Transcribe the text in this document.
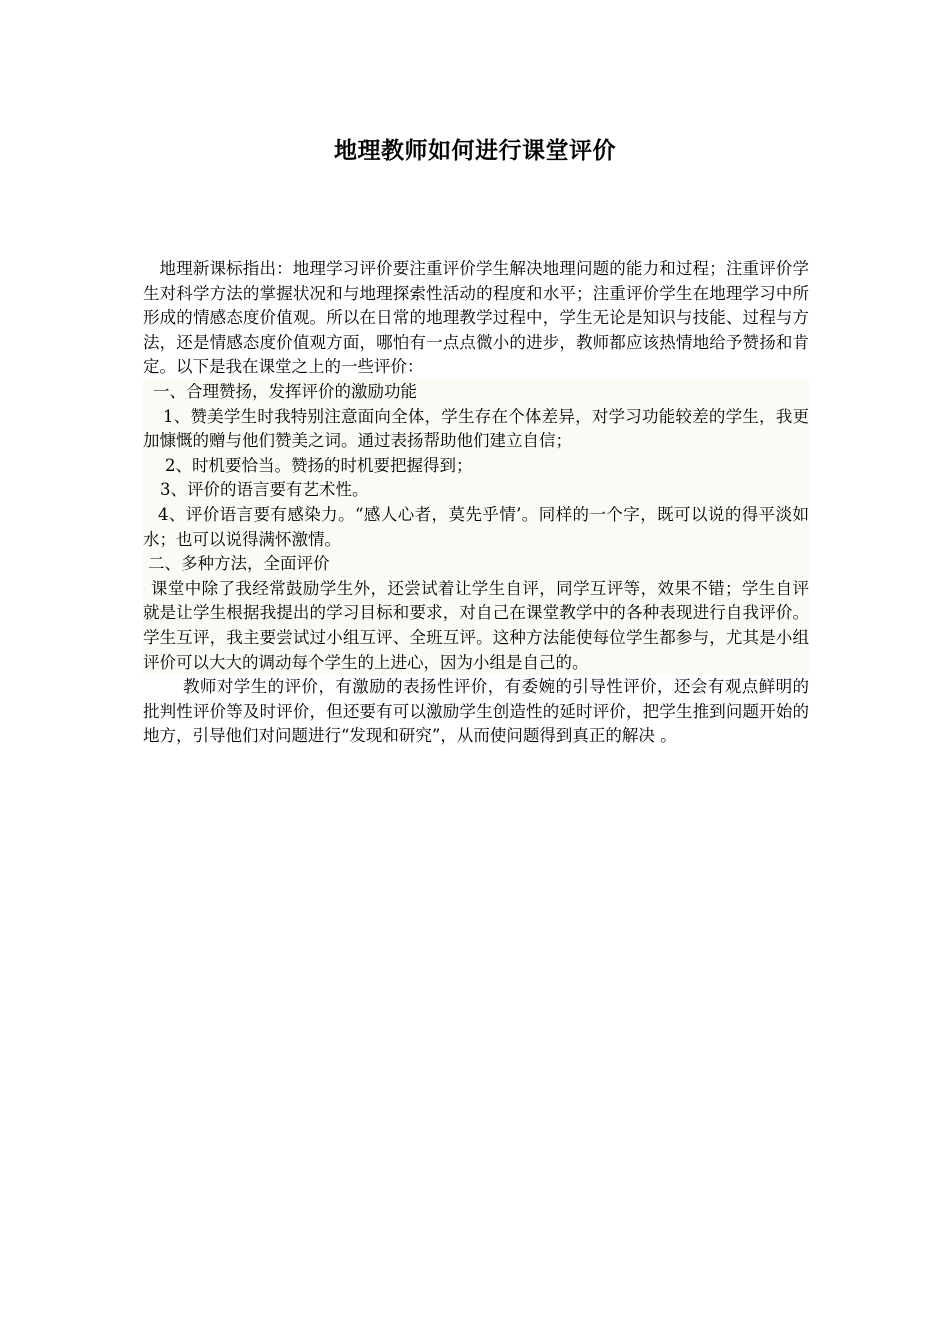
地理教师如何进行课堂评价

地理新课标指出：地理学习评价要注重评价学生解决地理问题的能力和过程；注重评价学生对科学方法的掌握状况和与地理探索性活动的程度和水平；注重评价学生在地理学习中所形成的情感态度价值观。所以在日常的地理教学过程中，学生无论是知识与技能、过程与方法，还是情感态度价值观方面，哪怕有一点点微小的进步，教师都应该热情地给予赞扬和肯定。以下是我在课堂之上的一些评价：

一、合理赞扬，发挥评价的激励功能

1、赞美学生时我特别注意面向全体，学生存在个体差异，对学习功能较差的学生，我更加慷慨的赠与他们赞美之词。通过表扬帮助他们建立自信；

2、时机要恰当。赞扬的时机要把握得到；

3、评价的语言要有艺术性。

4、评价语言要有感染力。“感人心者，莫先乎情’。同样的一个字，既可以说的得平淡如水；也可以说得满怀激情。

二、多种方法，全面评价

课堂中除了我经常鼓励学生外，还尝试着让学生自评，同学互评等，效果不错；学生自评就是让学生根据我提出的学习目标和要求，对自己在课堂教学中的各种表现进行自我评价。学生互评，我主要尝试过小组互评、全班互评。这种方法能使每位学生都参与，尤其是小组评价可以大大的调动每个学生的上进心，因为小组是自己的。

教师对学生的评价，有激励的表扬性评价，有委婉的引导性评价，还会有观点鲜明的批判性评价等及时评价，但还要有可以激励学生创造性的延时评价，把学生推到问题开始的地方，引导他们对问题进行“发现和研究”，从而使问题得到真正的解决 。
